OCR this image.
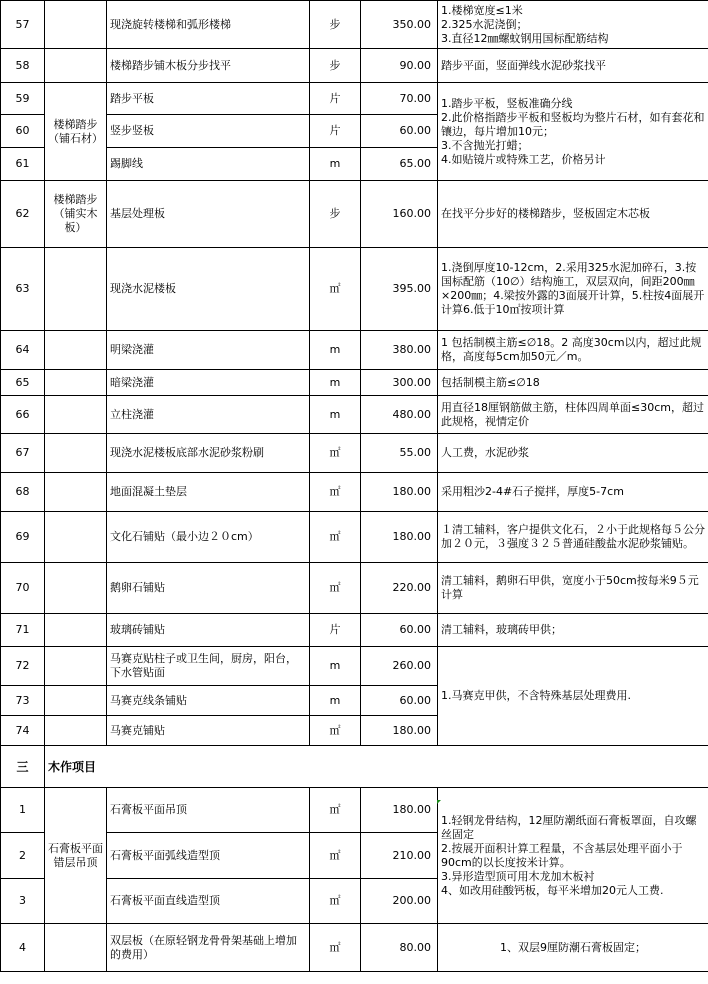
57		现浇旋转楼梯和弧形楼梯	步	350.00	1.楼梯宽度≤1米
2.325水泥浇倒；
3.直径12㎜螺蚊钢用国标配筋结构

58		楼梯踏步铺木板分步找平	步	90.00	踏步平面，竖面弹线水泥砂浆找平
59	楼梯踏步（铺石材）	踏步平板	片	70.00	1.踏步平板，竖板准确分线
2.此价格指踏步平板和竖板均为整片石材，如有套花和镶边，每片增加10元；
3.不含抛光打蜡；
4.如贴镜片或特殊工艺，价格另计

60		竖步竖板	片	60.00	
61		踢脚线	m	65.00	
62	楼梯踏步（铺实木板）	基层处理板	步	160.00	在找平分步好的楼梯踏步，竖板固定木芯板
63		现浇水泥楼板	㎡	395.00	1.浇倒厚度10-12cm，2.采用325水泥加碎石，3.按国标配筋（10∅）结构施工，双层双向，间距200㎜×200㎜；4.梁按外露的3面展开计算，5.柱按4面展开计算6.低于10㎡按项计算
64		明梁浇灌	m	380.00	1 包括制模主筋≤∅18。2 高度30cm以内，超过此规格，高度每5cm加50元／m。
65		暗梁浇灌	m	300.00	包括制模主筋≤∅18
66		立柱浇灌	m	480.00	用直径18厘钢筋做主筋，柱体四周单面≤30cm，超过此规格，视情定价
67		现浇水泥楼板底部水泥砂浆粉刷	㎡	55.00	人工费，水泥砂浆
68		地面混凝土垫层	㎡	180.00	采用粗沙2-4#石子搅拌，厚度5-7cm
69		文化石铺贴（最小边２０cm）	㎡	180.00	１清工辅料，客户提供文化石，２小于此规格每５公分加２０元，３强度３２５普通硅酸盐水泥砂浆铺贴。
70		鹅卵石铺贴	㎡	220.00	清工辅料，鹅卵石甲供，宽度小于50cm按每米9５元计算
71		玻璃砖铺贴	片	60.00	清工辅料，玻璃砖甲供；
72		马赛克贴柱子或卫生间，厨房，阳台，下水管贴面	m	260.00	1.马赛克甲供，不含特殊基层处理费用.
73		马赛克线条铺贴	m	60.00	
74		马赛克铺贴	㎡	180.00	
三	木作项目				
1	石膏板平面错层吊顶	石膏板平面吊顶	㎡	180.00	1.轻钢龙骨结构，12厘防潮纸面石膏板罩面，自攻螺丝固定
2.按展开面积计算工程量，不含基层处理平面小于90cm的以长度按米计算。
3.异形造型顶可用木龙加木板衬
4、如改用硅酸钙板，每平米增加20元人工费.

2		石膏板平面弧线造型顶	㎡	210.00	
3		石膏板平面直线造型顶	㎡	200.00	
4		双层板（在原轻钢龙骨骨架基础上增加的费用）	㎡	80.00	1、双层9厘防潮石膏板固定；
